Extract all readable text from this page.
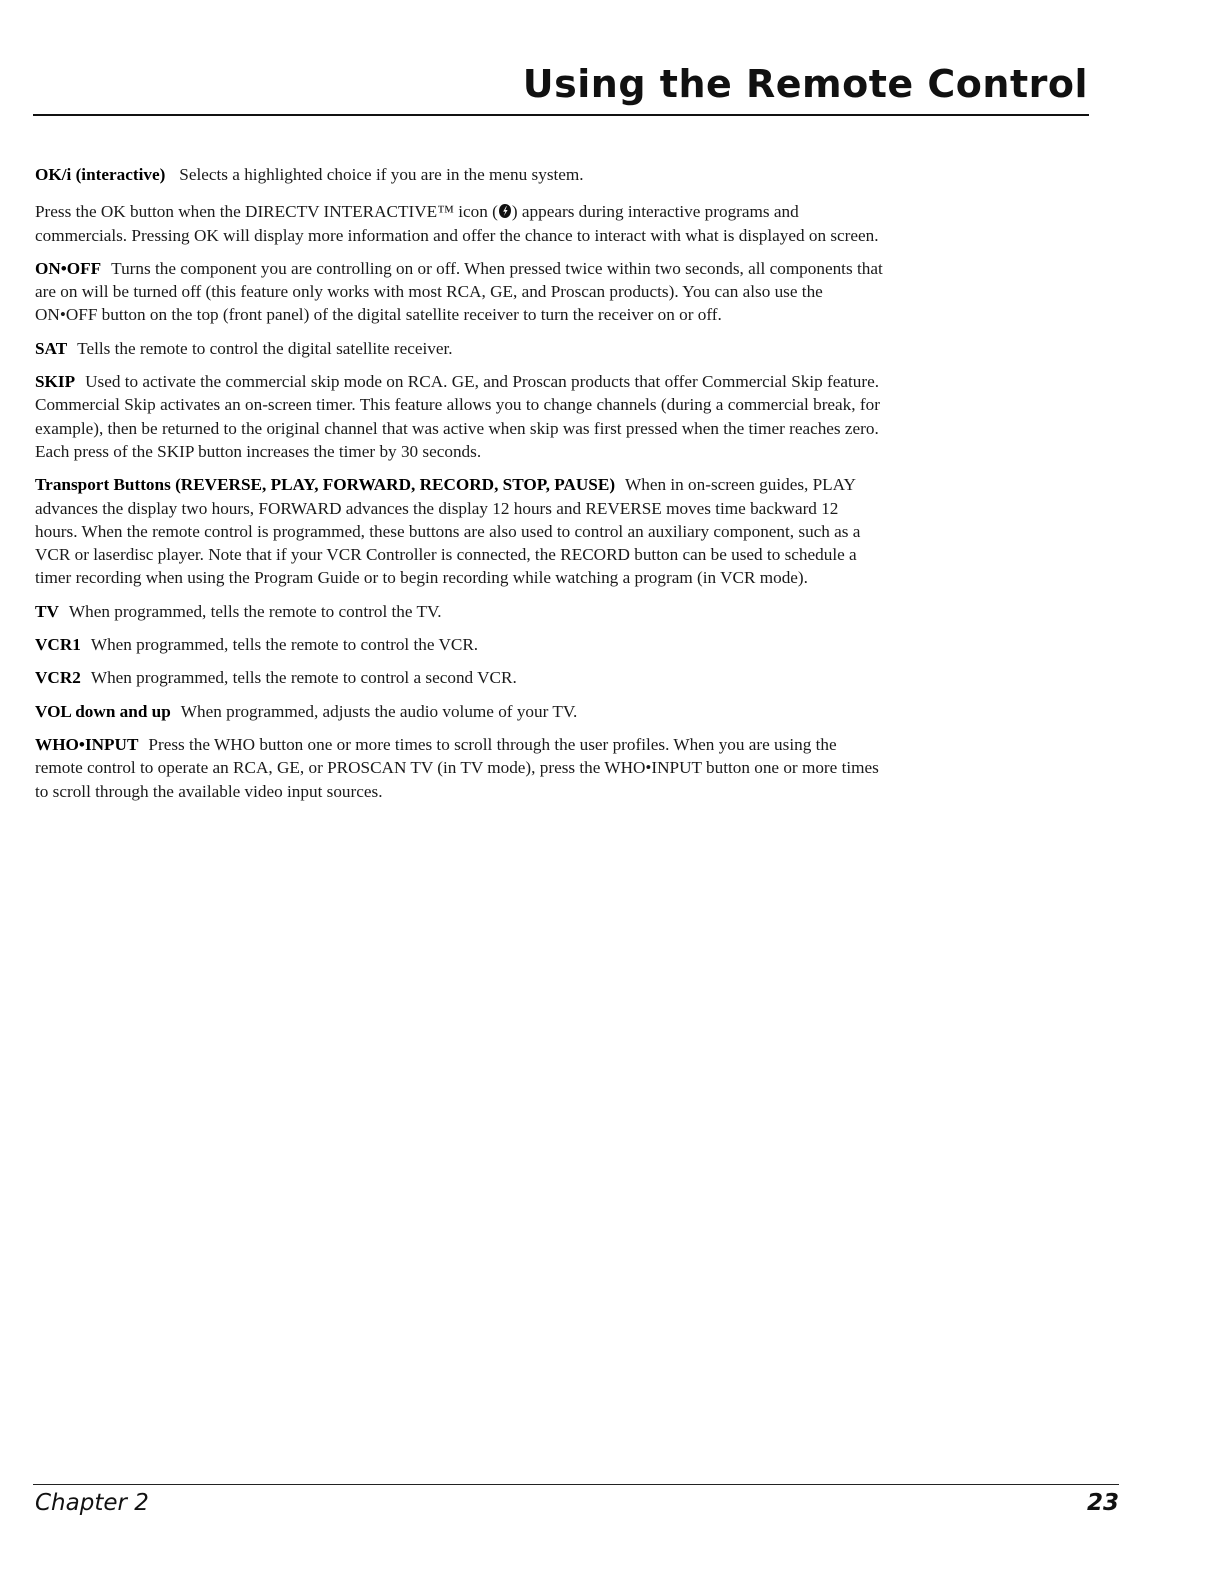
Using the Remote Control

OK/i (interactive) Selects a highlighted choice if you are in the menu system.

Press the OK button when the DIRECTV INTERACTIVE™ icon ( ) appears during interactive programs and commercials. Pressing OK will display more information and offer the chance to interact with what is displayed on screen.

ON•OFF Turns the component you are controlling on or off. When pressed twice within two seconds, all components that are on will be turned off (this feature only works with most RCA, GE, and Proscan products). You can also use the ON•OFF button on the top (front panel) of the digital satellite receiver to turn the receiver on or off.

SAT Tells the remote to control the digital satellite receiver.

SKIP Used to activate the commercial skip mode on RCA. GE, and Proscan products that offer Commercial Skip feature. Commercial Skip activates an on-screen timer. This feature allows you to change channels (during a commercial break, for example), then be returned to the original channel that was active when skip was first pressed when the timer reaches zero. Each press of the SKIP button increases the timer by 30 seconds.

Transport Buttons (REVERSE, PLAY, FORWARD, RECORD, STOP, PAUSE) When in on-screen guides, PLAY advances the display two hours, FORWARD advances the display 12 hours and REVERSE moves time backward 12 hours. When the remote control is programmed, these buttons are also used to control an auxiliary component, such as a VCR or laserdisc player. Note that if your VCR Controller is connected, the RECORD button can be used to schedule a timer recording when using the Program Guide or to begin recording while watching a program (in VCR mode).

TV When programmed, tells the remote to control the TV.

VCR1 When programmed, tells the remote to control the VCR.

VCR2 When programmed, tells the remote to control a second VCR.

VOL down and up When programmed, adjusts the audio volume of your TV.

WHO•INPUT Press the WHO button one or more times to scroll through the user profiles. When you are using the remote control to operate an RCA, GE, or PROSCAN TV (in TV mode), press the WHO•INPUT button one or more times to scroll through the available video input sources.

Chapter 2	23
